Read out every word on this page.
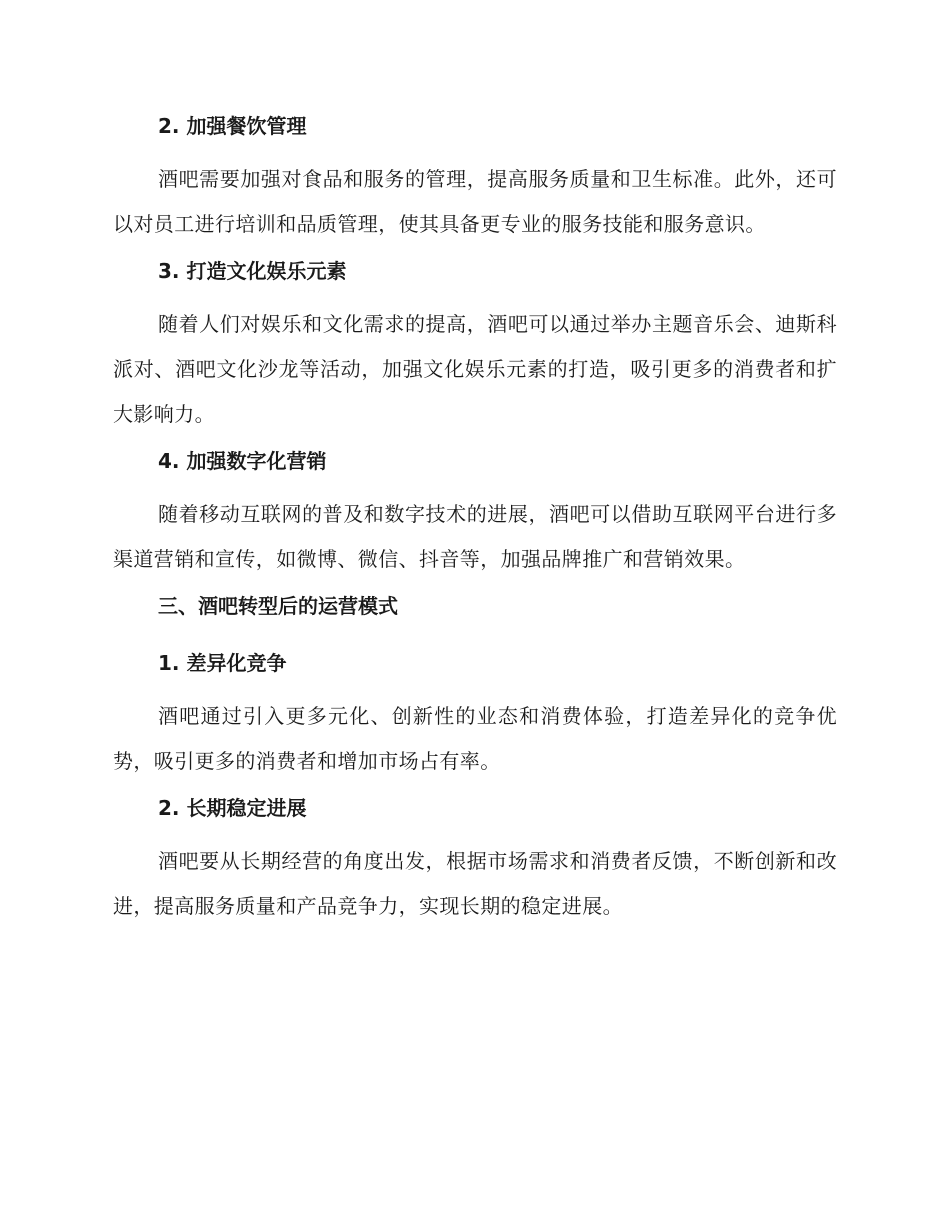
2. 加强餐饮管理

酒吧需要加强对食品和服务的管理，提高服务质量和卫生标准。此外，还可以对员工进行培训和品质管理，使其具备更专业的服务技能和服务意识。

3. 打造文化娱乐元素

随着人们对娱乐和文化需求的提高，酒吧可以通过举办主题音乐会、迪斯科派对、酒吧文化沙龙等活动，加强文化娱乐元素的打造，吸引更多的消费者和扩大影响力。

4. 加强数字化营销

随着移动互联网的普及和数字技术的进展，酒吧可以借助互联网平台进行多渠道营销和宣传，如微博、微信、抖音等，加强品牌推广和营销效果。

三、酒吧转型后的运营模式
1. 差异化竞争

酒吧通过引入更多元化、创新性的业态和消费体验，打造差异化的竞争优势，吸引更多的消费者和增加市场占有率。

2. 长期稳定进展

酒吧要从长期经营的角度出发，根据市场需求和消费者反馈，不断创新和改进，提高服务质量和产品竞争力，实现长期的稳定进展。
